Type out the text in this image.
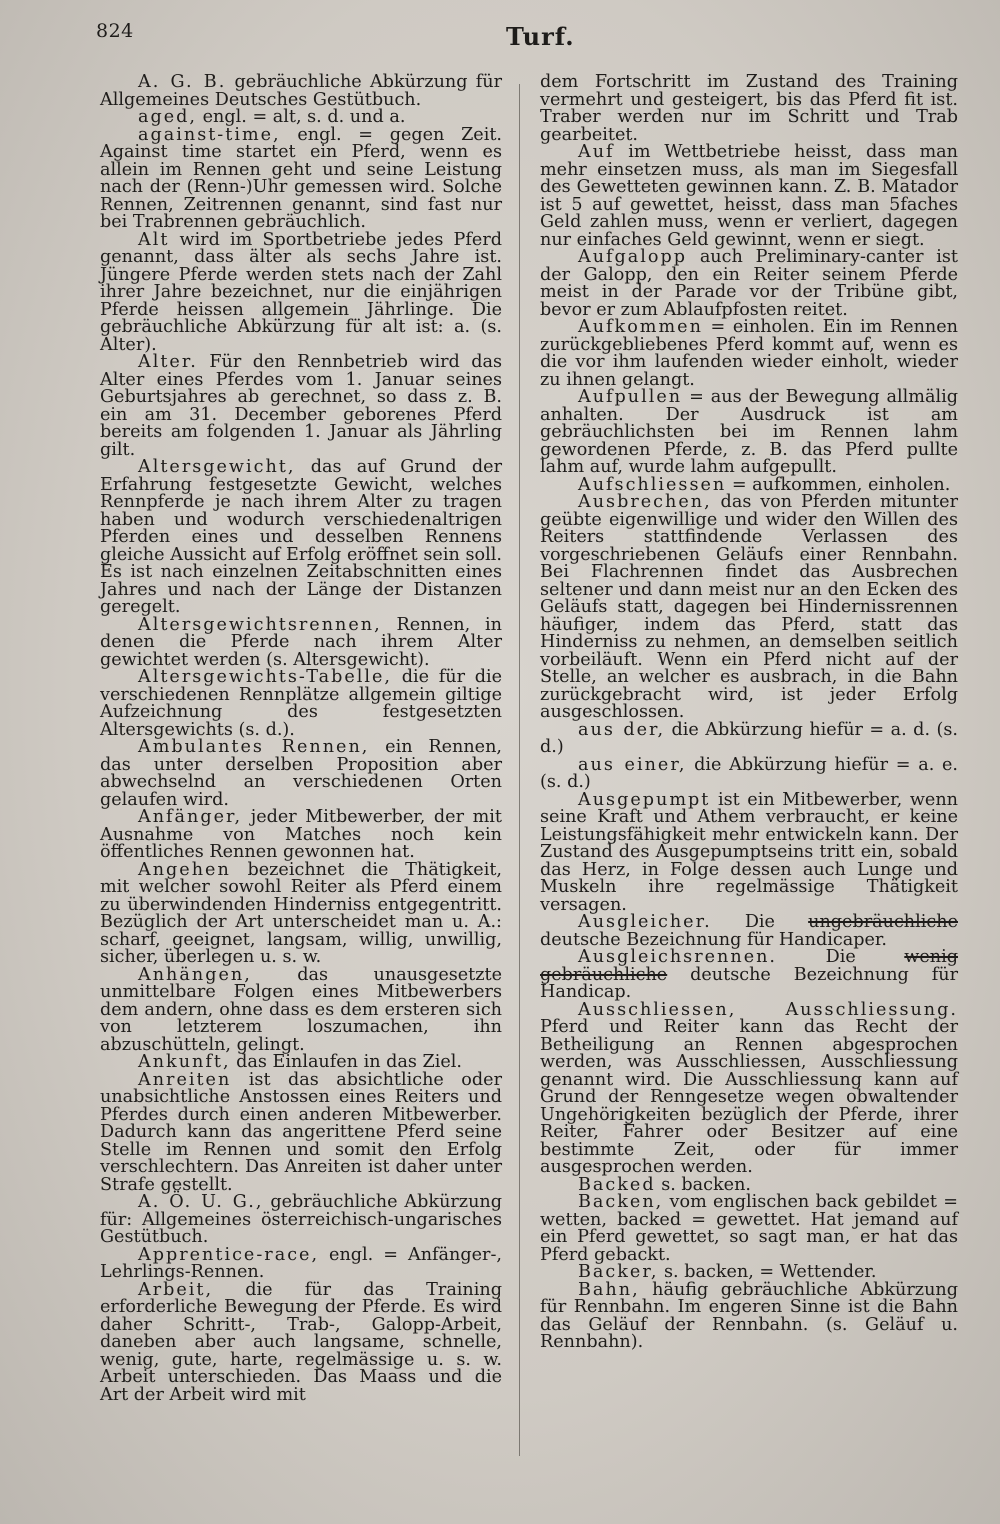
824	Turf.

A. G. B. gebräuchliche Abkürzung für Allgemeines Deutsches Gestütbuch.

aged, engl. = alt, s. d. und a.

against-time, engl. = gegen Zeit. Against time startet ein Pferd, wenn es allein im Rennen geht und seine Leistung nach der (Renn-)Uhr gemessen wird. Solche Rennen, Zeitrennen genannt, sind fast nur bei Trabrennen gebräuchlich.

Alt wird im Sportbetriebe jedes Pferd genannt, dass älter als sechs Jahre ist. Jüngere Pferde werden stets nach der Zahl ihrer Jahre bezeichnet, nur die einjährigen Pferde heissen allgemein Jährlinge. Die gebräuchliche Abkürzung für alt ist: a. (s. Alter).

Alter. Für den Rennbetrieb wird das Alter eines Pferdes vom 1. Januar seines Geburtsjahres ab gerechnet, so dass z. B. ein am 31. December geborenes Pferd bereits am folgenden 1. Januar als Jährling gilt.

Altersgewicht, das auf Grund der Erfahrung festgesetzte Gewicht, welches Rennpferde je nach ihrem Alter zu tragen haben und wodurch verschiedenaltrigen Pferden eines und desselben Rennens gleiche Aussicht auf Erfolg eröffnet sein soll. Es ist nach einzelnen Zeitabschnitten eines Jahres und nach der Länge der Distanzen geregelt.

Altersgewichtsrennen, Rennen, in denen die Pferde nach ihrem Alter gewichtet werden (s. Altersgewicht).

Altersgewichts-Tabelle, die für die verschiedenen Rennplätze allgemein giltige Aufzeichnung des festgesetzten Altersgewichts (s. d.).

Ambulantes Rennen, ein Rennen, das unter derselben Proposition aber abwechselnd an verschiedenen Orten gelaufen wird.

Anfänger, jeder Mitbewerber, der mit Ausnahme von Matches noch kein öffentliches Rennen gewonnen hat.

Angehen bezeichnet die Thätigkeit, mit welcher sowohl Reiter als Pferd einem zu überwindenden Hinderniss entgegentritt. Bezüglich der Art unterscheidet man u. A.: scharf, geeignet, langsam, willig, unwillig, sicher, überlegen u. s. w.

Anhängen, das unausgesetzte unmittelbare Folgen eines Mitbewerbers dem andern, ohne dass es dem ersteren sich von letzterem loszumachen, ihn abzuschütteln, gelingt.

Ankunft, das Einlaufen in das Ziel.

Anreiten ist das absichtliche oder unabsichtliche Anstossen eines Reiters und Pferdes durch einen anderen Mitbewerber. Dadurch kann das angerittene Pferd seine Stelle im Rennen und somit den Erfolg verschlechtern. Das Anreiten ist daher unter Strafe gestellt.

A. Ö. U. G., gebräuchliche Abkürzung für: Allgemeines österreichisch-ungarisches Gestütbuch.

Apprentice-race, engl. = Anfänger-, Lehrlings-Rennen.

Arbeit, die für das Training erforderliche Bewegung der Pferde. Es wird daher Schritt-, Trab-, Galopp-Arbeit, daneben aber auch langsame, schnelle, wenig, gute, harte, regelmässige u. s. w. Arbeit unterschieden. Das Maass und die Art der Arbeit wird mit

dem Fortschritt im Zustand des Training vermehrt und gesteigert, bis das Pferd fit ist. Traber werden nur im Schritt und Trab gearbeitet.

Auf im Wettbetriebe heisst, dass man mehr einsetzen muss, als man im Siegesfall des Gewetteten gewinnen kann. Z. B. Matador ist 5 auf gewettet, heisst, dass man 5faches Geld zahlen muss, wenn er verliert, dagegen nur einfaches Geld gewinnt, wenn er siegt.

Aufgalopp auch Preliminary-canter ist der Galopp, den ein Reiter seinem Pferde meist in der Parade vor der Tribüne gibt, bevor er zum Ablaufpfosten reitet.

Aufkommen = einholen. Ein im Rennen zurückgebliebenes Pferd kommt auf, wenn es die vor ihm laufenden wieder einholt, wieder zu ihnen gelangt.

Aufpullen = aus der Bewegung allmälig anhalten. Der Ausdruck ist am gebräuchlichsten bei im Rennen lahm gewordenen Pferde, z. B. das Pferd pullte lahm auf, wurde lahm aufgepullt.

Aufschliessen = aufkommen, einholen.

Ausbrechen, das von Pferden mitunter geübte eigenwillige und wider den Willen des Reiters stattfindende Verlassen des vorgeschriebenen Geläufs einer Rennbahn. Bei Flachrennen findet das Ausbrechen seltener und dann meist nur an den Ecken des Geläufs statt, dagegen bei Hindernissrennen häufiger, indem das Pferd, statt das Hinderniss zu nehmen, an demselben seitlich vorbeiläuft. Wenn ein Pferd nicht auf der Stelle, an welcher es ausbrach, in die Bahn zurückgebracht wird, ist jeder Erfolg ausgeschlossen.

aus der, die Abkürzung hiefür = a. d. (s. d.)

aus einer, die Abkürzung hiefür = a. e. (s. d.)

Ausgepumpt ist ein Mitbewerber, wenn seine Kraft und Athem verbraucht, er keine Leistungsfähigkeit mehr entwickeln kann. Der Zustand des Ausgepumptseins tritt ein, sobald das Herz, in Folge dessen auch Lunge und Muskeln ihre regelmässige Thätigkeit versagen.

Ausgleicher. Die ungebräuchliche deutsche Bezeichnung für Handicaper.

Ausgleichsrennen. Die wenig gebräuchliche deutsche Bezeichnung für Handicap.

Ausschliessen, Ausschliessung. Pferd und Reiter kann das Recht der Betheiligung an Rennen abgesprochen werden, was Ausschliessen, Ausschliessung genannt wird. Die Ausschliessung kann auf Grund der Renngesetze wegen obwaltender Ungehörigkeiten bezüglich der Pferde, ihrer Reiter, Fahrer oder Besitzer auf eine bestimmte Zeit, oder für immer ausgesprochen werden.

Backed s. backen.

Backen, vom englischen back gebildet = wetten, backed = gewettet. Hat jemand auf ein Pferd gewettet, so sagt man, er hat das Pferd gebackt.

Backer, s. backen, = Wettender.

Bahn, häufig gebräuchliche Abkürzung für Rennbahn. Im engeren Sinne ist die Bahn das Geläuf der Rennbahn. (s. Geläuf u. Rennbahn).
